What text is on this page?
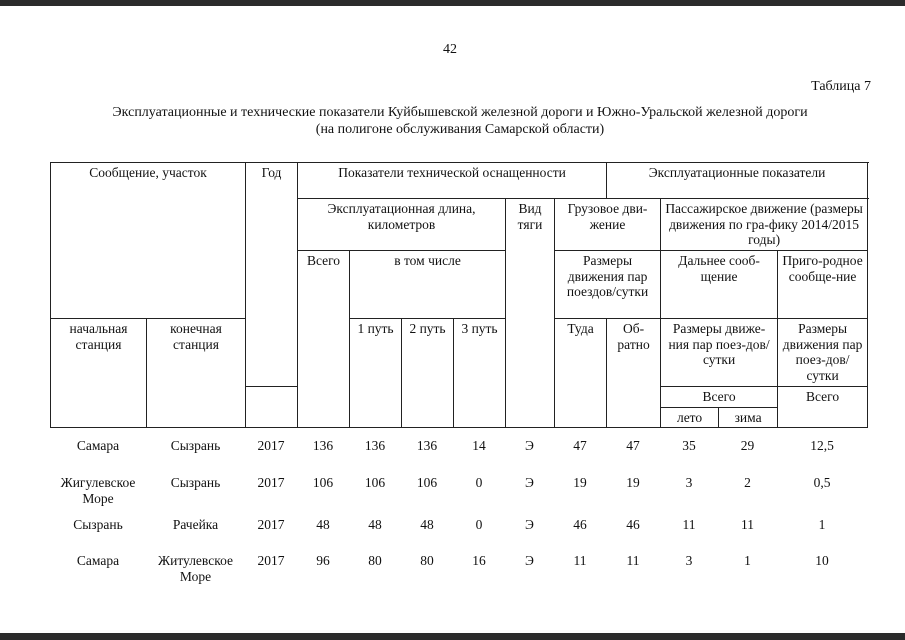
42
Таблица 7
Эксплуатационные и технические показатели Куйбышевской железной дороги и Южно-Уральской железной дороги
(на полигоне обслуживания Самарской области)
Сообщение, участок		Год	Показатели технической оснащенности						Эксплуатационные показатели			
			Эксплуатационная длина, километров				Вид тяги	Грузовое дви-жение		Пассажирское движение (размеры движения по гра-фику 2014/2015 годы)		
			Всего	в том числе				Размеры движения пар поездов/сутки		Дальнее сооб-щение		Приго-родное сообще-ние
начальная станция	конечная станция			1 путь	2 путь	3 путь		Туда	Об-ратно	Размеры движе-ния пар поез-дов/сутки		Размеры движения пар поез-дов/сутки
										Всего		Всего
										лето	зима	
Самара	Сызрань	2017	136	136	136	14	Э	47	47	35	29	12,5
Жигулевское Море	Сызрань	2017	106	106	106	0	Э	19	19	3	2	0,5
Сызрань	Рачейка	2017	48	48	48	0	Э	46	46	11	11	1
Самара	Житулевское Море	2017	96	80	80	16	Э	11	11	3	1	10
